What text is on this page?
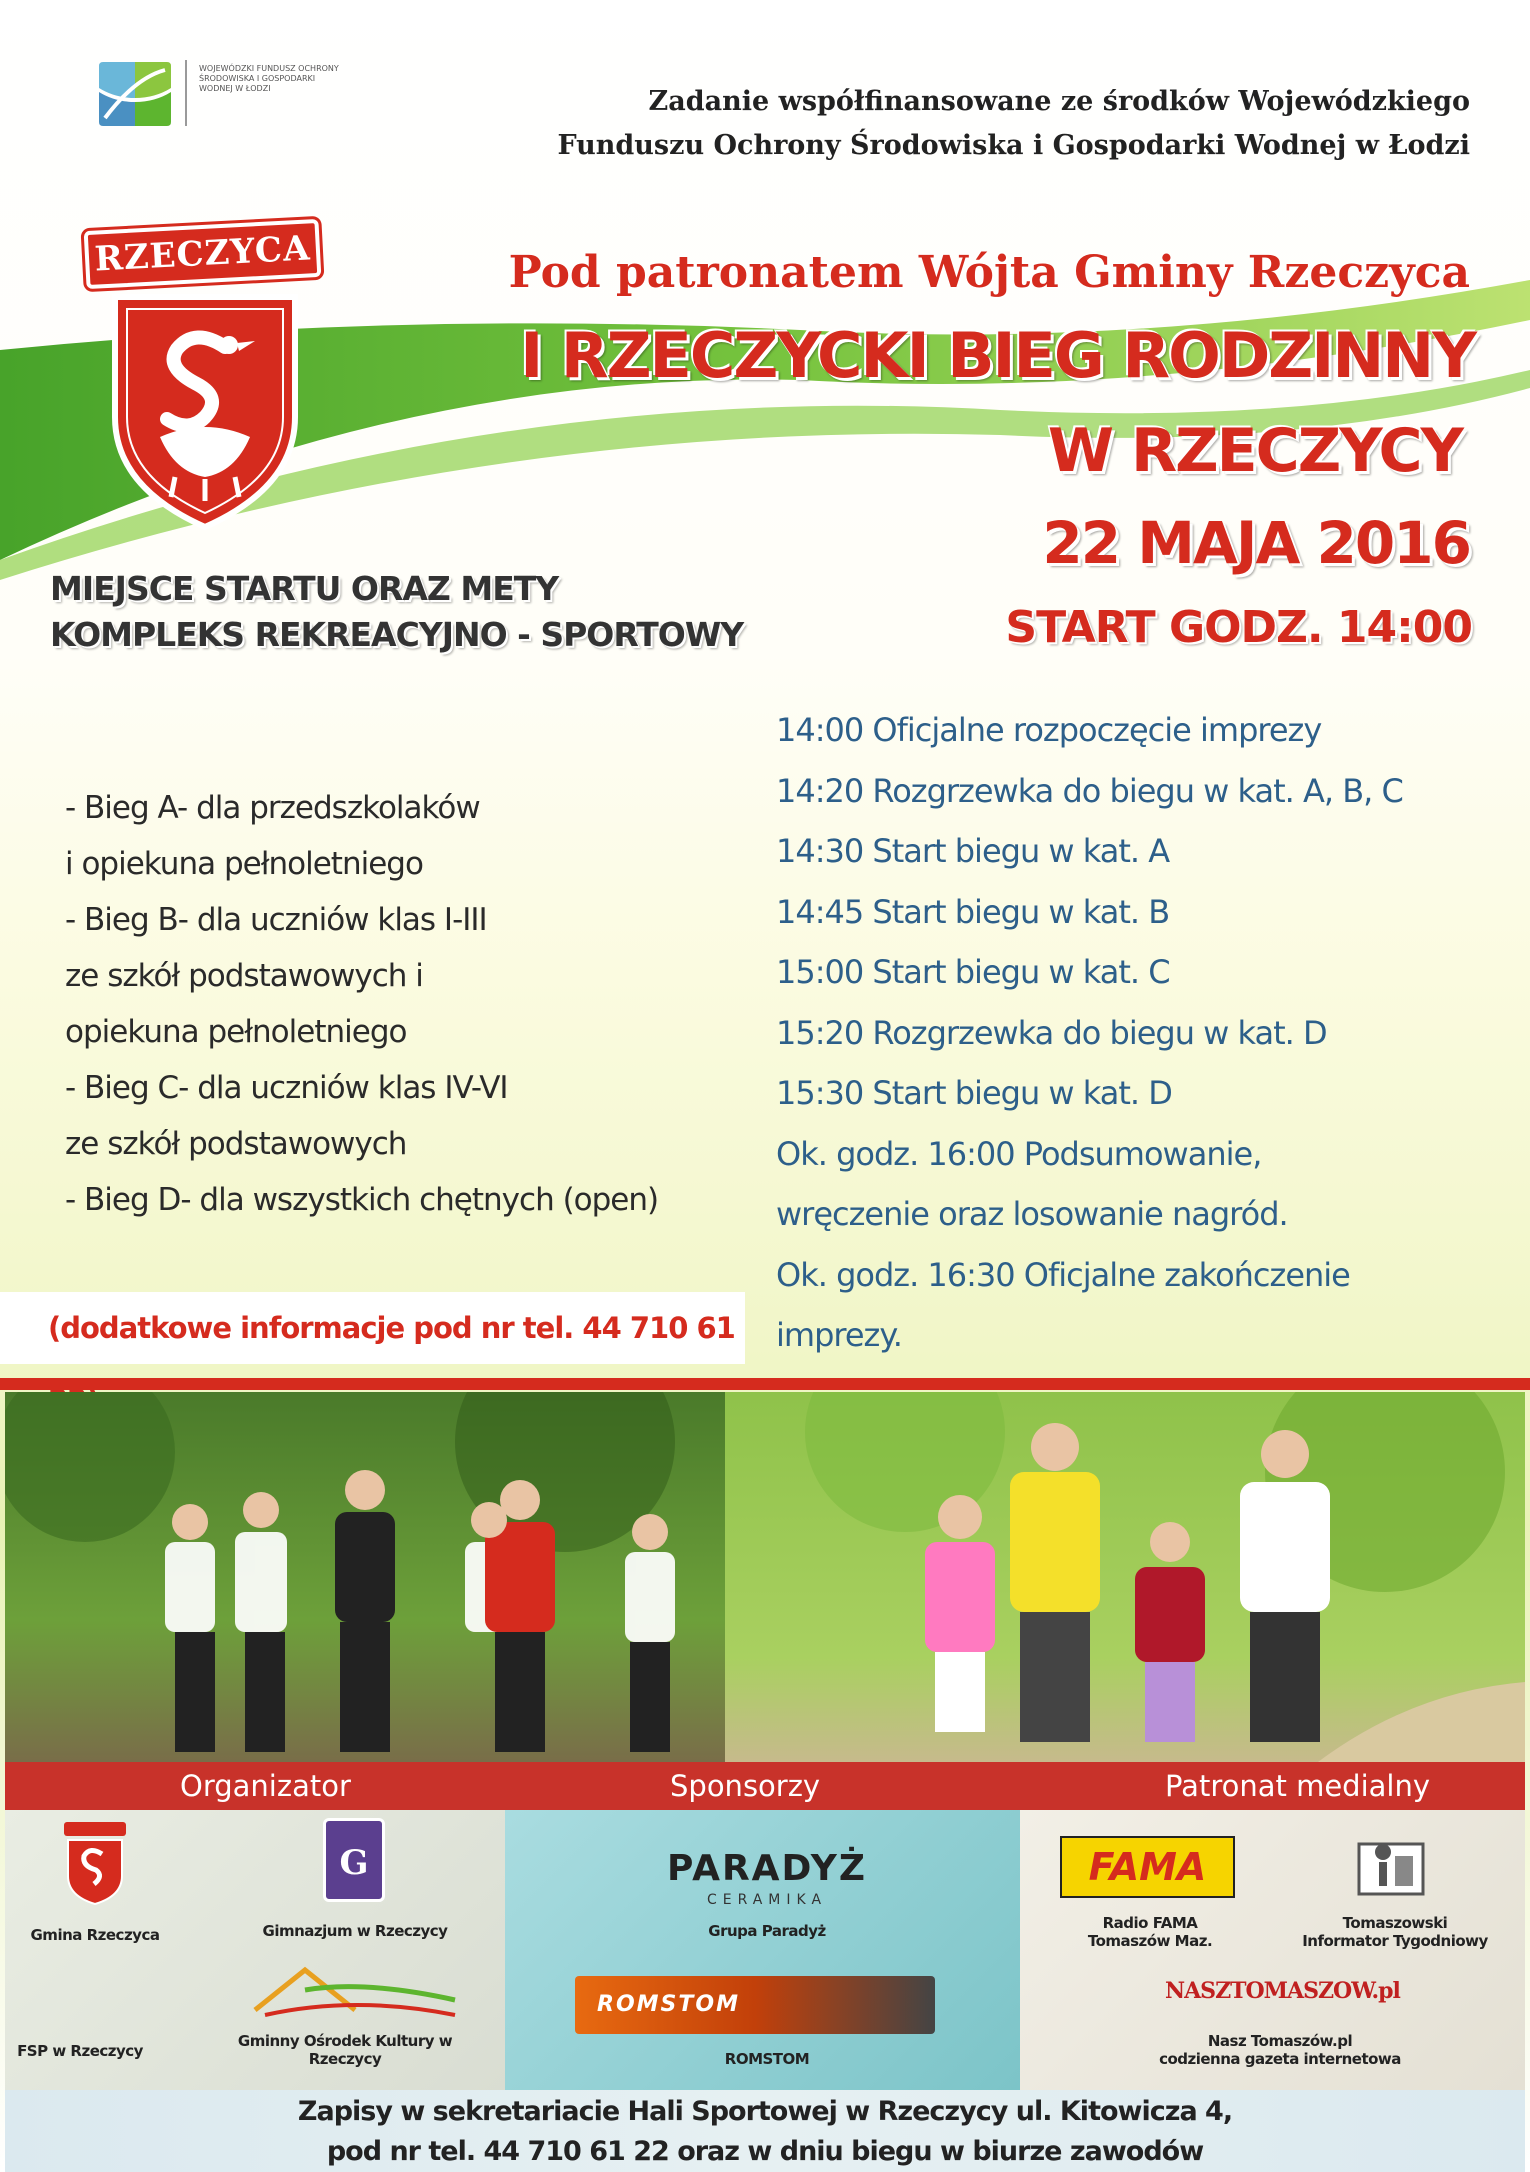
WOJEWÓDZKI FUNDUSZ OCHRONY ŚRODOWISKA I GOSPODARKI WODNEJ W ŁODZI	Zadanie współfinansowane ze środków Wojewódzkiego
Funduszu Ochrony Środowiska i Gospodarki Wodnej w Łodzi
RZECZYCA	Pod patronatem Wójta Gminy Rzeczyca
I RZECZYCKI BIEG RODZINNY
W RZECZYCY
22 MAJA 2016
START GODZ. 14:00
MIEJSCE STARTU ORAZ METY
KOMPLEKS REKREACYJNO - SPORTOWY
- Bieg A- dla przedszkolaków
i opiekuna pełnoletniego
- Bieg B- dla uczniów klas I-III
ze szkół podstawowych i
opiekuna pełnoletniego
- Bieg C- dla uczniów klas IV-VI
ze szkół podstawowych
- Bieg D- dla wszystkich chętnych (open)
(dodatkowe informacje pod nr tel. 44 710 61
14:00 Oficjalne rozpoczęcie imprezy
14:20 Rozgrzewka do biegu w kat. A, B, C
14:30 Start biegu w kat. A
14:45 Start biegu w kat. B
15:00 Start biegu w kat. C
15:20 Rozgrzewka do biegu w kat. D
15:30 Start biegu w kat. D
Ok. godz. 16:00 Podsumowanie,
wręczenie oraz losowanie nagród.
Ok. godz. 16:30 Oficjalne zakończenie
imprezy.
Organizator	Sponsorzy	Patronat medialny
Gmina Rzeczyca
G
Gimnazjum w Rzeczycy
Gminny Ośrodek Kultury w Rzeczycy
FSP w Rzeczycy
PARADYŻ
CERAMIKA
Grupa Paradyż
ROMSTOM
ROMSTOM
FAMA
Radio FAMA
Tomaszów Maz.
Tomaszowski
Informator Tygodniowy
NASZTOMASZOW.pl
Nasz Tomaszów.pl
codzienna gazeta internetowa
Zapisy w sekretariacie Hali Sportowej w Rzeczycy ul. Kitowicza 4,
pod nr tel. 44 710 61 22 oraz w dniu biegu w biurze zawodów
